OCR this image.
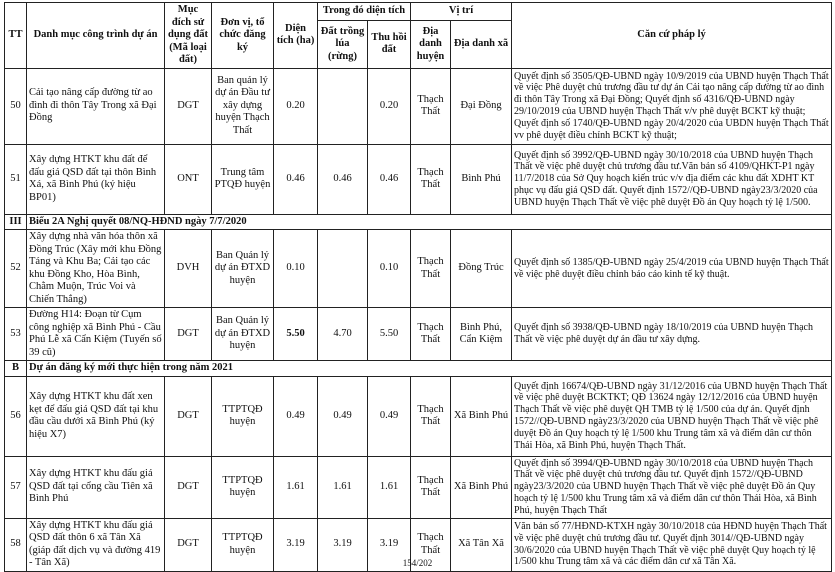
TT	Danh mục công trình dự án	Mục đích sử dụng đất (Mã loại đất)	Đơn vị, tổ chức đăng ký	Diện tích (ha)	Trong đó diện tích		Vị trí		Căn cứ pháp lý
					Đất trồng lúa (rừng)	Thu hồi đất	Địa danh huyện	Địa danh xã	
50	Cải tạo nâng cấp đường từ ao đình đi thôn Tây Trong xã Đại Đồng	DGT	Ban quản lý dự án Đầu tư xây dựng huyện Thạch Thất	0.20		0.20	Thạch Thất	Đại Đồng	Quyết định số 3505/QĐ-UBND ngày 10/9/2019 của UBND huyện Thạch Thất về việc Phê duyệt chủ trương đầu tư dự án Cải tạo nâng cấp đường từ ao đình đi thôn Tây Trong xã Đại Đồng; Quyết định số 4316/QĐ-UBND ngày 29/10/2019 của UBND huyện Thạch Thất v/v phê duyệt BCKT kỹ thuật; Quyết định số 1740/QĐ-UBND ngày 20/4/2020 của UBDN huyện Thạch Thất vv phê duyệt điều chỉnh BCKT kỹ thuật;
51	Xây dựng HTKT khu đất để đấu giá QSD đất tại thôn Bình Xá, xã Bình Phú (ký hiệu BP01)	ONT	Trung tâm PTQĐ huyện	0.46	0.46	0.46	Thạch Thất	Bình Phú	Quyết định số 3992/QĐ-UBND ngày 30/10/2018 của UBND huyện Thạch Thất về việc phê duyệt chủ trương đầu tư.Văn bản số 4109/QHKT-P1 ngày 11/7/2018 của Sở Quy hoạch kiến trúc v/v địa điểm các khu đất XDHT KT phục vụ đấu giá QSD đất. Quyết định 1572//QĐ-UBND ngày23/3/2020 của UBND huyện Thạch Thất về việc phê duyệt Đồ án Quy hoạch tỷ lệ 1/500.
III	Biểu 2A Nghị quyết 08/NQ-HĐND ngày 7/7/2020								
52	Xây dựng nhà văn hóa thôn xã Đồng Trúc (Xây mới khu Đồng Táng và Khu Ba; Cải tạo các khu Đồng Kho, Hòa Bình, Chằm Muộn, Trúc Voi và Chiến Thắng)	DVH	Ban Quản lý dự án ĐTXD huyện	0.10		0.10	Thạch Thất	Đồng Trúc	Quyết định số 1385/QĐ-UBND ngày 25/4/2019 của UBND huyện Thạch Thất về việc phê duyệt điều chỉnh báo cáo kinh tế kỹ thuật.
53	Đường H14: Đoạn từ Cụm công nghiệp xã Bình Phú - Cầu Phú Lễ xã Cẩn Kiệm (Tuyến số 39 cũ)	DGT	Ban Quản lý dự án ĐTXD huyện	5.50	4.70	5.50	Thạch Thất	Bình Phú, Cẩn Kiệm	Quyết định số 3938/QĐ-UBND ngày 18/10/2019 của UBND huyện Thạch Thất về việc phê duyệt dự án đầu tư xây dựng.
B	Dự án đăng ký mới thực hiện trong năm 2021								
56	Xây dựng HTKT khu đất xen kẹt để đấu giá QSD đất tại khu đầu cầu dưới xã Bình Phú (ký hiệu X7)	DGT	TTPTQĐ huyện	0.49	0.49	0.49	Thạch Thất	Xã Bình Phú	Quyết định 16674/QĐ-UBND ngày 31/12/2016 của UBND huyện Thạch Thất về việc phê duyệt BCKTKT; QĐ 13624 ngày 12/12/2016 của UBND huyện Thạch Thất về việc phê duyệt QH TMB tỷ lệ 1/500 của dự án. Quyết định 1572//QĐ-UBND ngày23/3/2020 của UBND huyện Thạch Thất về việc phê duyệt Đồ án Quy hoạch tỷ lệ 1/500 khu Trung tâm xã và điểm dân cư thôn Thái Hòa, xã Bình Phú, huyện Thạch Thất.
57	Xây dựng HTKT khu đấu giá QSD đất tại cổng cầu Tiên xã Bình Phú	DGT	TTPTQĐ huyện	1.61	1.61	1.61	Thạch Thất	Xã Bình Phú	Quyết định số 3994/QĐ-UBND ngày 30/10/2018 của UBND huyện Thạch Thất về việc phê duyệt chủ trương đầu tư. Quyết định 1572//QĐ-UBND ngày23/3/2020 của UBND huyện Thạch Thất về việc phê duyệt Đồ án Quy hoạch tỷ lệ 1/500 khu Trung tâm xã và điểm dân cư thôn Thái Hòa, xã Bình Phú, huyện Thạch Thất
58	Xây dựng HTKT khu đấu giá QSD đất thôn 6 xã Tân Xã (giáp đất dịch vụ và đường 419 - Tân Xã)	DGT	TTPTQĐ huyện	3.19	3.19	3.19	Thạch Thất	Xã Tân Xã	Văn bản số 77/HĐND-KTXH ngày 30/10/2018 của HĐND huyện Thạch Thất về việc phê duyệt chủ trương đầu tư. Quyết định 3014//QĐ-UBND ngày 30/6/2020 của UBND huyện Thạch Thất về việc phê duyệt Quy hoạch tỷ lệ 1/500 khu Trung tâm xã và các điểm dân cư xã Tân Xã.
154/202
